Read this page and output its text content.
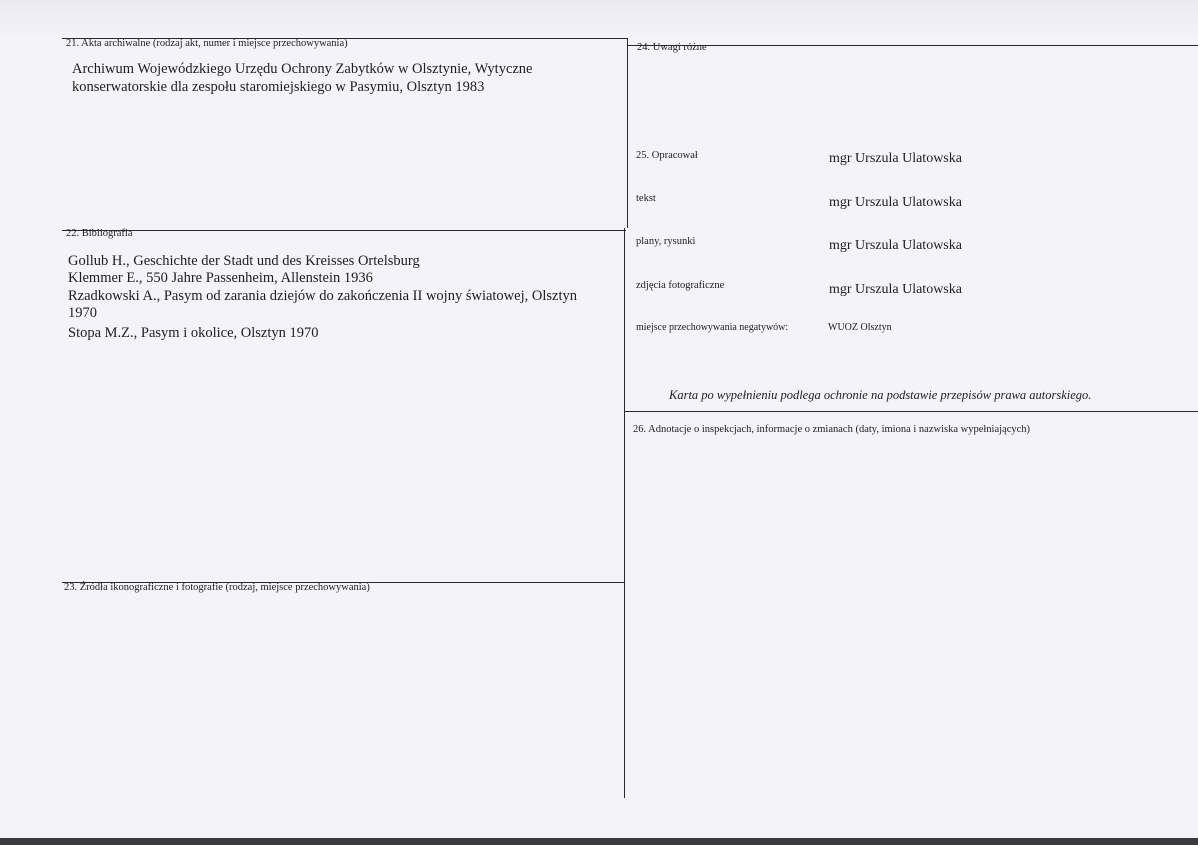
21. Akta archiwalne (rodzaj akt, numer i miejsce przechowywania)
Archiwum Wojewódzkiego Urzędu Ochrony Zabytków w Olsztynie, Wytyczne
konserwatorskie dla zespołu staromiejskiego w Pasymiu, Olsztyn 1983
22. Bibliografia
Gollub H., Geschichte der Stadt und des Kreisses Ortelsburg
Klemmer E., 550 Jahre Passenheim, Allenstein 1936
Rzadkowski A., Pasym od zarania dziejów do zakończenia II wojny światowej, Olsztyn
1970
Stopa M.Z., Pasym i okolice, Olsztyn 1970
23. Źródła ikonograficzne i fotografie (rodzaj, miejsce przechowywania)
24. Uwagi różne
25. Opracował	mgr Urszula Ulatowska
tekst	mgr Urszula Ulatowska
plany, rysunki	mgr Urszula Ulatowska
zdjęcia fotograficzne	mgr Urszula Ulatowska
miejsce przechowywania negatywów:	WUOZ Olsztyn
Karta po wypełnieniu podlega ochronie na podstawie przepisów prawa autorskiego.
26. Adnotacje o inspekcjach, informacje o zmianach (daty, imiona i nazwiska wypełniających)
